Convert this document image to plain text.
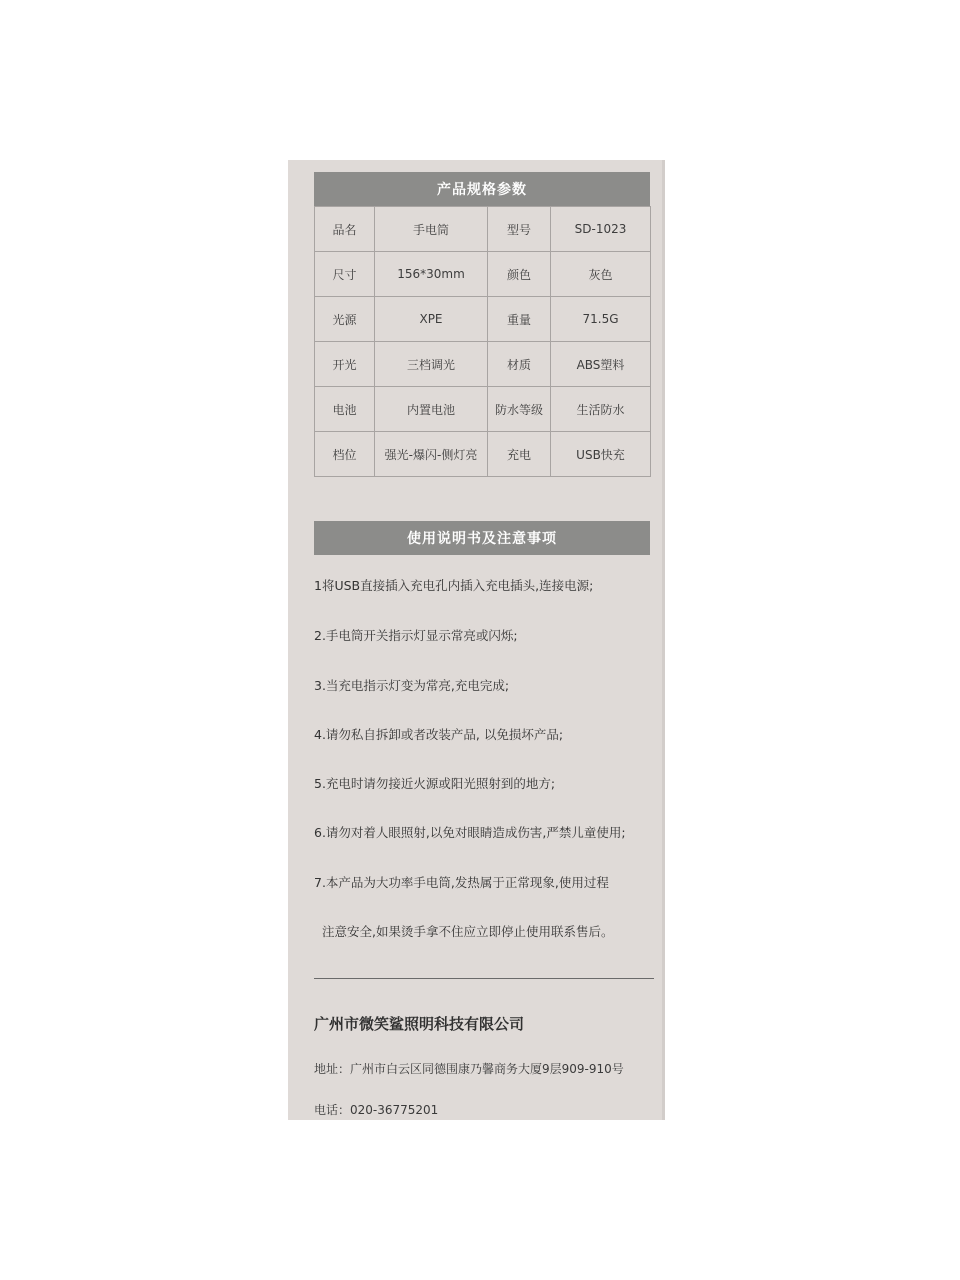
产品规格参数
品名	手电筒	型号	SD-1023
尺寸	156*30mm	颜色	灰色
光源	XPE	重量	71.5G
开光	三档调光	材质	ABS塑料
电池	内置电池	防水等级	生活防水
档位	强光-爆闪-侧灯亮	充电	USB快充
使用说明书及注意事项
1将USB直接插入充电孔内插入充电插头,连接电源;
2.手电筒开关指示灯显示常亮或闪烁;
3.当充电指示灯变为常亮,充电完成;
4.请勿私自拆卸或者改装产品, 以免损坏产品;
5.充电时请勿接近火源或阳光照射到的地方;
6.请勿对着人眼照射,以免对眼睛造成伤害,严禁儿童使用;
7.本产品为大功率手电筒,发热属于正常现象,使用过程
注意安全,如果烫手拿不住应立即停止使用联系售后。
广州市微笑鲨照明科技有限公司
地址：广州市白云区同德围康乃馨商务大厦9层909-910号
电话：020-36775201
